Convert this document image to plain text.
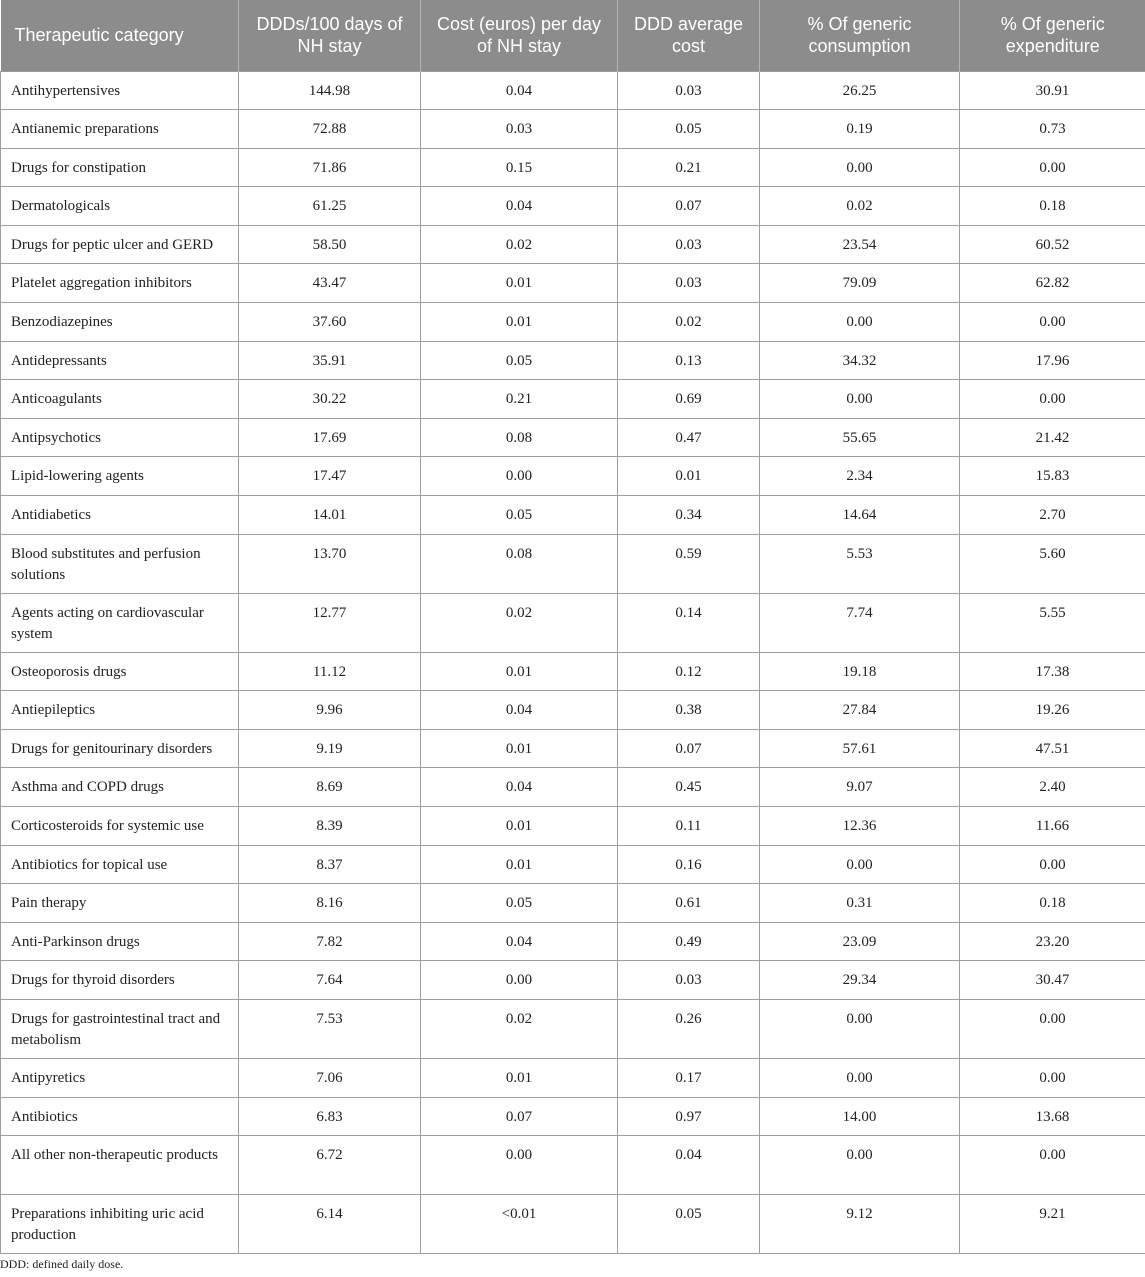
Therapeutic category	DDDs/100 days of NH stay	Cost (euros) per day of NH stay	DDD average cost	% Of generic consumption	% Of generic expenditure
Antihypertensives	144.98	0.04	0.03	26.25	30.91
Antianemic preparations	72.88	0.03	0.05	0.19	0.73
Drugs for constipation	71.86	0.15	0.21	0.00	0.00
Dermatologicals	61.25	0.04	0.07	0.02	0.18
Drugs for peptic ulcer and GERD	58.50	0.02	0.03	23.54	60.52
Platelet aggregation inhibitors	43.47	0.01	0.03	79.09	62.82
Benzodiazepines	37.60	0.01	0.02	0.00	0.00
Antidepressants	35.91	0.05	0.13	34.32	17.96
Anticoagulants	30.22	0.21	0.69	0.00	0.00
Antipsychotics	17.69	0.08	0.47	55.65	21.42
Lipid-lowering agents	17.47	0.00	0.01	2.34	15.83
Antidiabetics	14.01	0.05	0.34	14.64	2.70
Blood substitutes and perfusion solutions	13.70	0.08	0.59	5.53	5.60
Agents acting on cardiovascular system	12.77	0.02	0.14	7.74	5.55
Osteoporosis drugs	11.12	0.01	0.12	19.18	17.38
Antiepileptics	9.96	0.04	0.38	27.84	19.26
Drugs for genitourinary disorders	9.19	0.01	0.07	57.61	47.51
Asthma and COPD drugs	8.69	0.04	0.45	9.07	2.40
Corticosteroids for systemic use	8.39	0.01	0.11	12.36	11.66
Antibiotics for topical use	8.37	0.01	0.16	0.00	0.00
Pain therapy	8.16	0.05	0.61	0.31	0.18
Anti-Parkinson drugs	7.82	0.04	0.49	23.09	23.20
Drugs for thyroid disorders	7.64	0.00	0.03	29.34	30.47
Drugs for gastrointestinal tract and metabolism	7.53	0.02	0.26	0.00	0.00
Antipyretics	7.06	0.01	0.17	0.00	0.00
Antibiotics	6.83	0.07	0.97	14.00	13.68
All other non-therapeutic products	6.72	0.00	0.04	0.00	0.00
Preparations inhibiting uric acid production	6.14	<0.01	0.05	9.12	9.21
DDD: defined daily dose.
